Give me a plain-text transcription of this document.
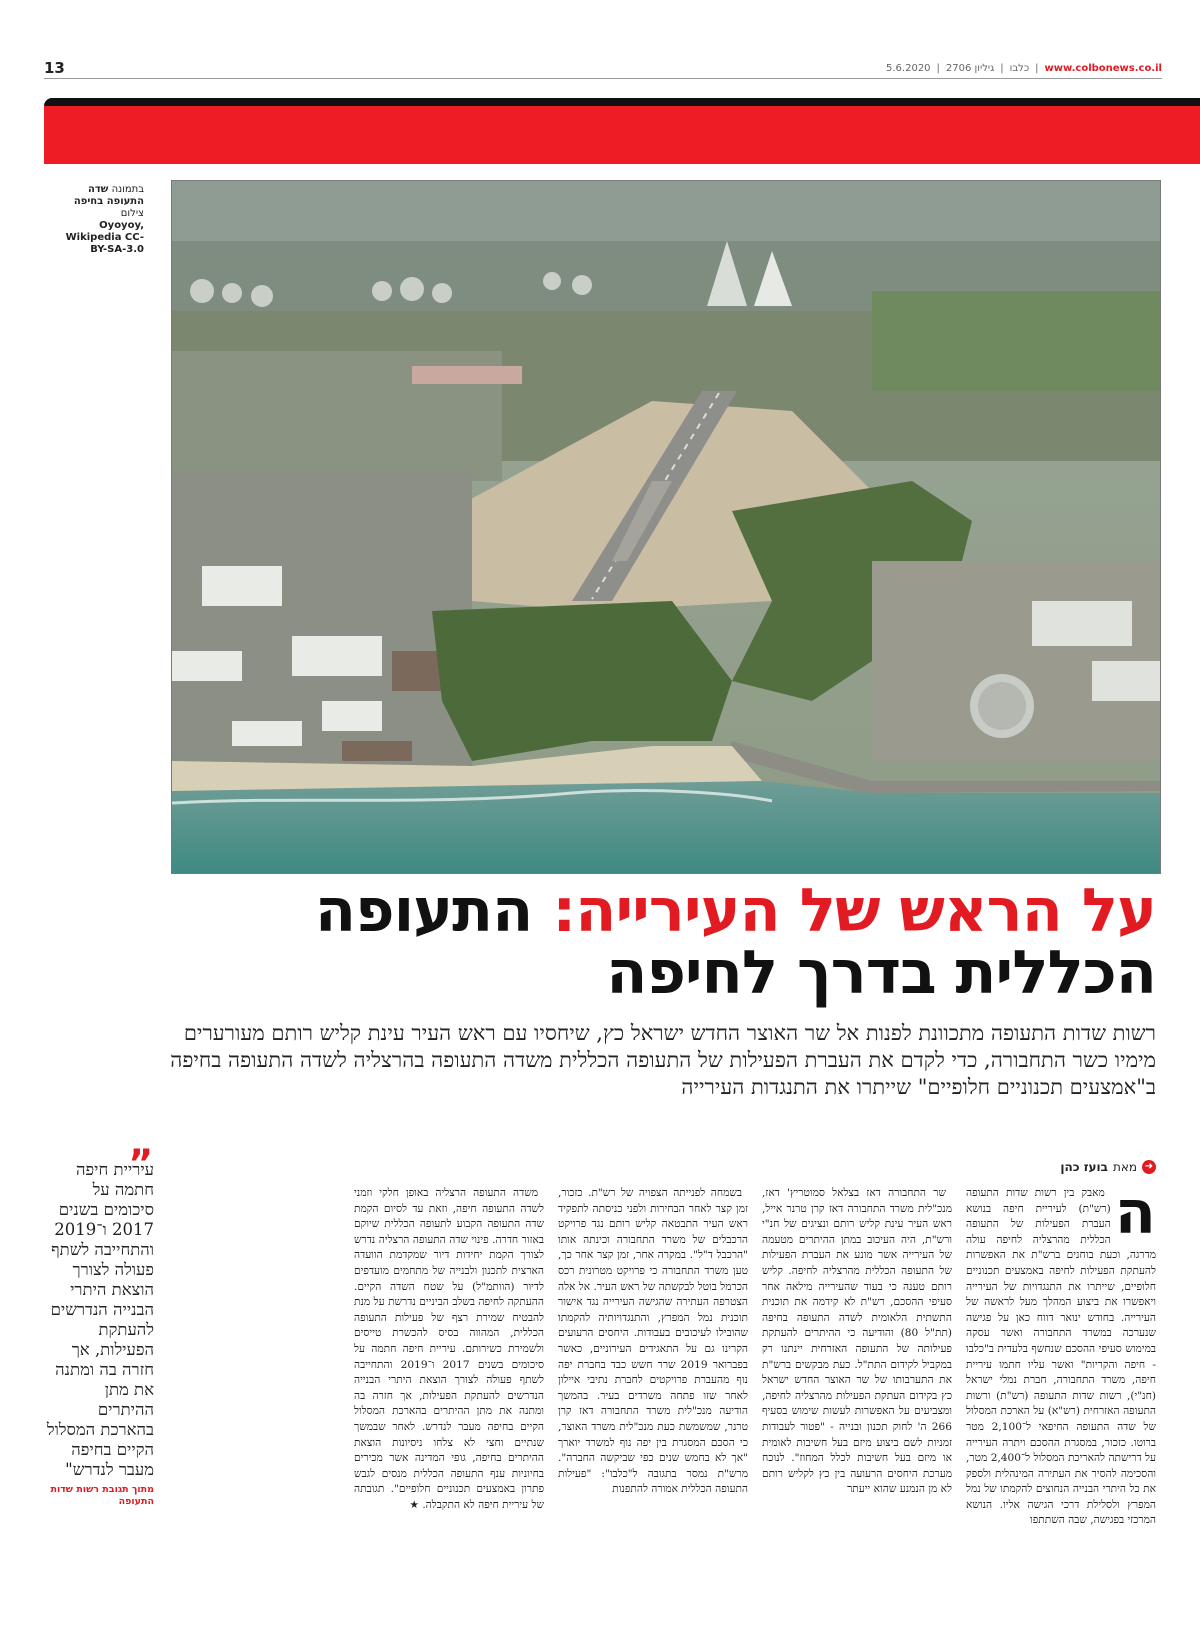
13	www.colbonews.co.il
|
כלבו
|
גיליון 2706
|
5.6.2020
בתמונה שדה התעופה בחיפה
צילום
Oyoyoy,
Wikipedia CC-BY-SA-3.0
על הראש של העירייה: התעופה
הכללית בדרך לחיפה
רשות שדות התעופה מתכוונת לפנות אל שר האוצר החדש ישראל כץ, שיחסיו עם ראש העיר עינת קליש רותם מעורערים מימיו כשר התחבורה, כדי לקדם את העברת הפעילות של התעופה הכללית משדה התעופה בהרצליה לשדה התעופה בחיפה ב"אמצעים תכנוניים חלופיים" שייתרו את התנגדות העירייה
➜
מאת
בועז כהן
ה

מאבק בין רשות שדות התעופה (רש"ת) לעיריית חיפה בנושא העברת הפעילות של התעופה הכללית מהרצליה לחיפה עולה מדרגה, וכעת בוחנים ברש"ת את האפשרות להעתקת הפעילות לחיפה באמצעים תכנוניים חלופיים, שייתרו את התנגדויות של העירייה ויאפשרו את ביצוע המהלך מעל לראשה של העירייה. בחודש ינואר דווח כאן על פגישה שנערכה במשרד התחבורה ואשר עסקה במימוש סעיפי ההסכם שנחשף בלעדית ב"כלבו - חיפה והקריות" ואשר עליו חתמו עיריית חיפה, משרד התחבורה, חברת נמלי ישראל (חנ"י), רשות שדות התעופה (רש"ת) ורשות התעופה האזרחית (רש"א) על הארכת המסלול של שדה התעופה החיפאי ל־2,100 מטר ברוטו. כזכור, במסגרת ההסכם ויתרה העירייה על דרישתה להאריכת המסלול ל־2,400 מטר, והסכימה להסיר את העתירה המינהלית ולספק את כל היתרי הבנייה הנחוצים להקמתו של נמל המפרץ ולסלילת דרכי הגישה אליו. הנושא המרכזי בפגישה, שבה השתתפו

שר התחבורה דאז בצלאל סמוטריץ' דאז, מנכ"לית משרד התחבורה דאז קרן טרנר אייל, ראש העיר עינת קליש רותם ונציגים של חנ"י ורש"ת, היה העיכוב במתן ההיתרים מטעמה של העירייה אשר מונע את העברת הפעילות של התעופה הכללית מהרצליה לחיפה. קליש רותם טענה כי בעוד שהעירייה מילאה אחר סעיפי ההסכם, רש"ת לא קידמה את תוכנית התשתית הלאומית לשדה התעופה בחיפה (תת"ל 80) והודיעה כי ההיתרים להעתקת פעילותה של התעופה האזרחית יינתנו רק במקביל לקידום התת"ל. כעת מבקשים ברש"ת את התערבותו של שר האוצר החדש ישראל כץ בקידום העתקת הפעילות מהרצליה לחיפה, ומצביעים על האפשרות לעשות שימוש בסעיף 266 ה' לחוק תכנון ובנייה - "פטור לעבודות זמניות לשם ביצוע מיזם בעל חשיבות לאומית או מיזם בעל חשיבות לכלל המחוז". לנוכח מערכת היחסים הרעועה בין כץ לקליש רותם לא מן הנמנע שהוא ייעתר

בשמחה לפנייתה הצפויה של רש"ת. כזכור, זמן קצר לאחר הבחירות ולפני כניסתה לתפקיד ראש העיר התבטאה קליש רותם נגד פרויקט הרכבלים של משרד התחבורה וכינתה אותו "הרכבל ד"ל". במקרה אחר, זמן קצר אחר כך, טען משרד התחבורה כי פרויקט מטרונית רכס הכרמל בוטל לבקשתה של ראש העיר. אל אלה הצטרפה העתירה שהגישה העירייה נגד אישור תוכנית נמל המפרץ, והתנגדויותיה להקמתו שהובילו לעיכובים בעבודות. היחסים הרעועים הקרינו גם על התאגידים העירוניים, כאשר בפברואר 2019 שרר חשש כבד בחברת יפה נוף מהעברת פרויקטים לחברת נתיבי איילון לאחר שזו פתחה משרדים בעיר. בהמשך הודיעה מנכ"לית משרד התחבורה דאז קרן טרנר, שמשמשת כעת מנכ"לית משרד האוצר, כי הסכם המסגרת בין יפה נוף למשרד יוארך "אך לא בחמש שנים כפי שביקשה החברה". מרש"ת נמסר בתגובה ל"כלבו": "פעילות התעופה הכללית אמורה להתפנות

משדה התעופה הרצליה באופן חלקי וזמני לשדה התעופה חיפה, וזאת עד לסיום הקמת שדה התעופה הקבוע לתעופה הכללית שיוקם באזור חדרה. פינוי שדה התעופה הרצליה נדרש לצורך הקמת יחידות דיור שמקדמת הוועדה הארצית לתכנון ולבנייה של מתחמים מועדפים לדיור (הוותמ"ל) על שטח השדה הקיים. ההעתקה לחיפה בשלב הביניים נדרשת על מנת להבטיח שמירת רצף של פעילות התעופה הכללית, המהווה בסיס להכשרת טייסים ולשמירת כשירותם. עיריית חיפה חתמה על סיכומים בשנים 2017 ו־2019 והתחייבה לשתף פעולה לצורך הוצאת היתרי הבנייה הנדרשים להעתקת הפעילות, אך חזרה בה ומתנה את מתן ההיתרים בהארכת המסלול הקיים בחיפה מעבר לנדרש. לאחר שבמשך שנתיים וחצי לא צלחו ניסיונות הוצאת ההיתרים בחיפה, גופי המדינה אשר מכירים בחיוניות ענף התעופה הכללית מנסים לגבש פתרון באמצעים תכנוניים חלופיים". תגובתה של עיריית חיפה לא התקבלה. ★

„
עיריית חיפה חתמה על סיכומים בשנים 2017 ו־2019 והתחייבה לשתף פעולה לצורך הוצאת היתרי הבנייה הנדרשים להעתקת הפעילות, אך חזרה בה ומתנה את מתן ההיתרים בהארכת המסלול הקיים בחיפה מעבר לנדרש"
מתוך תגובת רשות שדות התעופה
